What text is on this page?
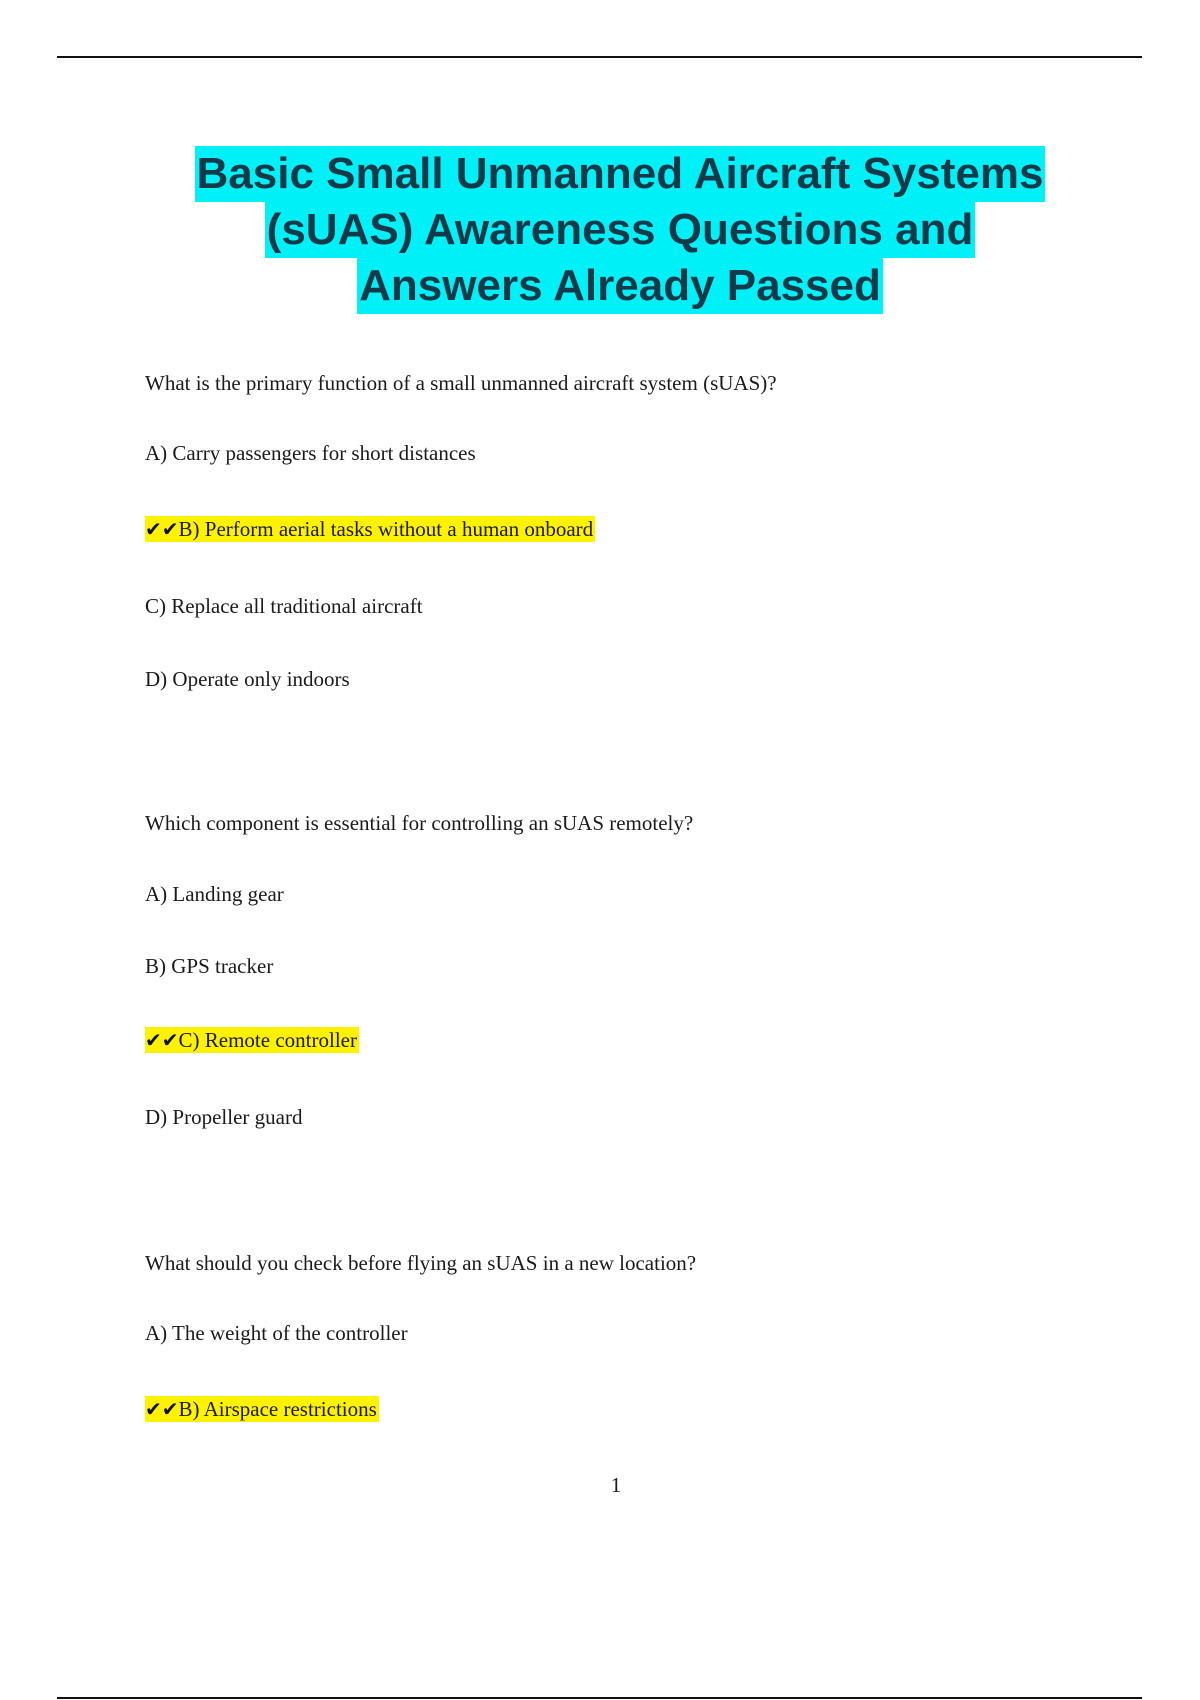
Basic Small Unmanned Aircraft Systems
(sUAS) Awareness Questions and
Answers Already Passed

What is the primary function of a small unmanned aircraft system (sUAS)?

A) Carry passengers for short distances

✔✔B) Perform aerial tasks without a human onboard

C) Replace all traditional aircraft

D) Operate only indoors

Which component is essential for controlling an sUAS remotely?

A) Landing gear

B) GPS tracker

✔✔C) Remote controller

D) Propeller guard

What should you check before flying an sUAS in a new location?

A) The weight of the controller

✔✔B) Airspace restrictions

1
